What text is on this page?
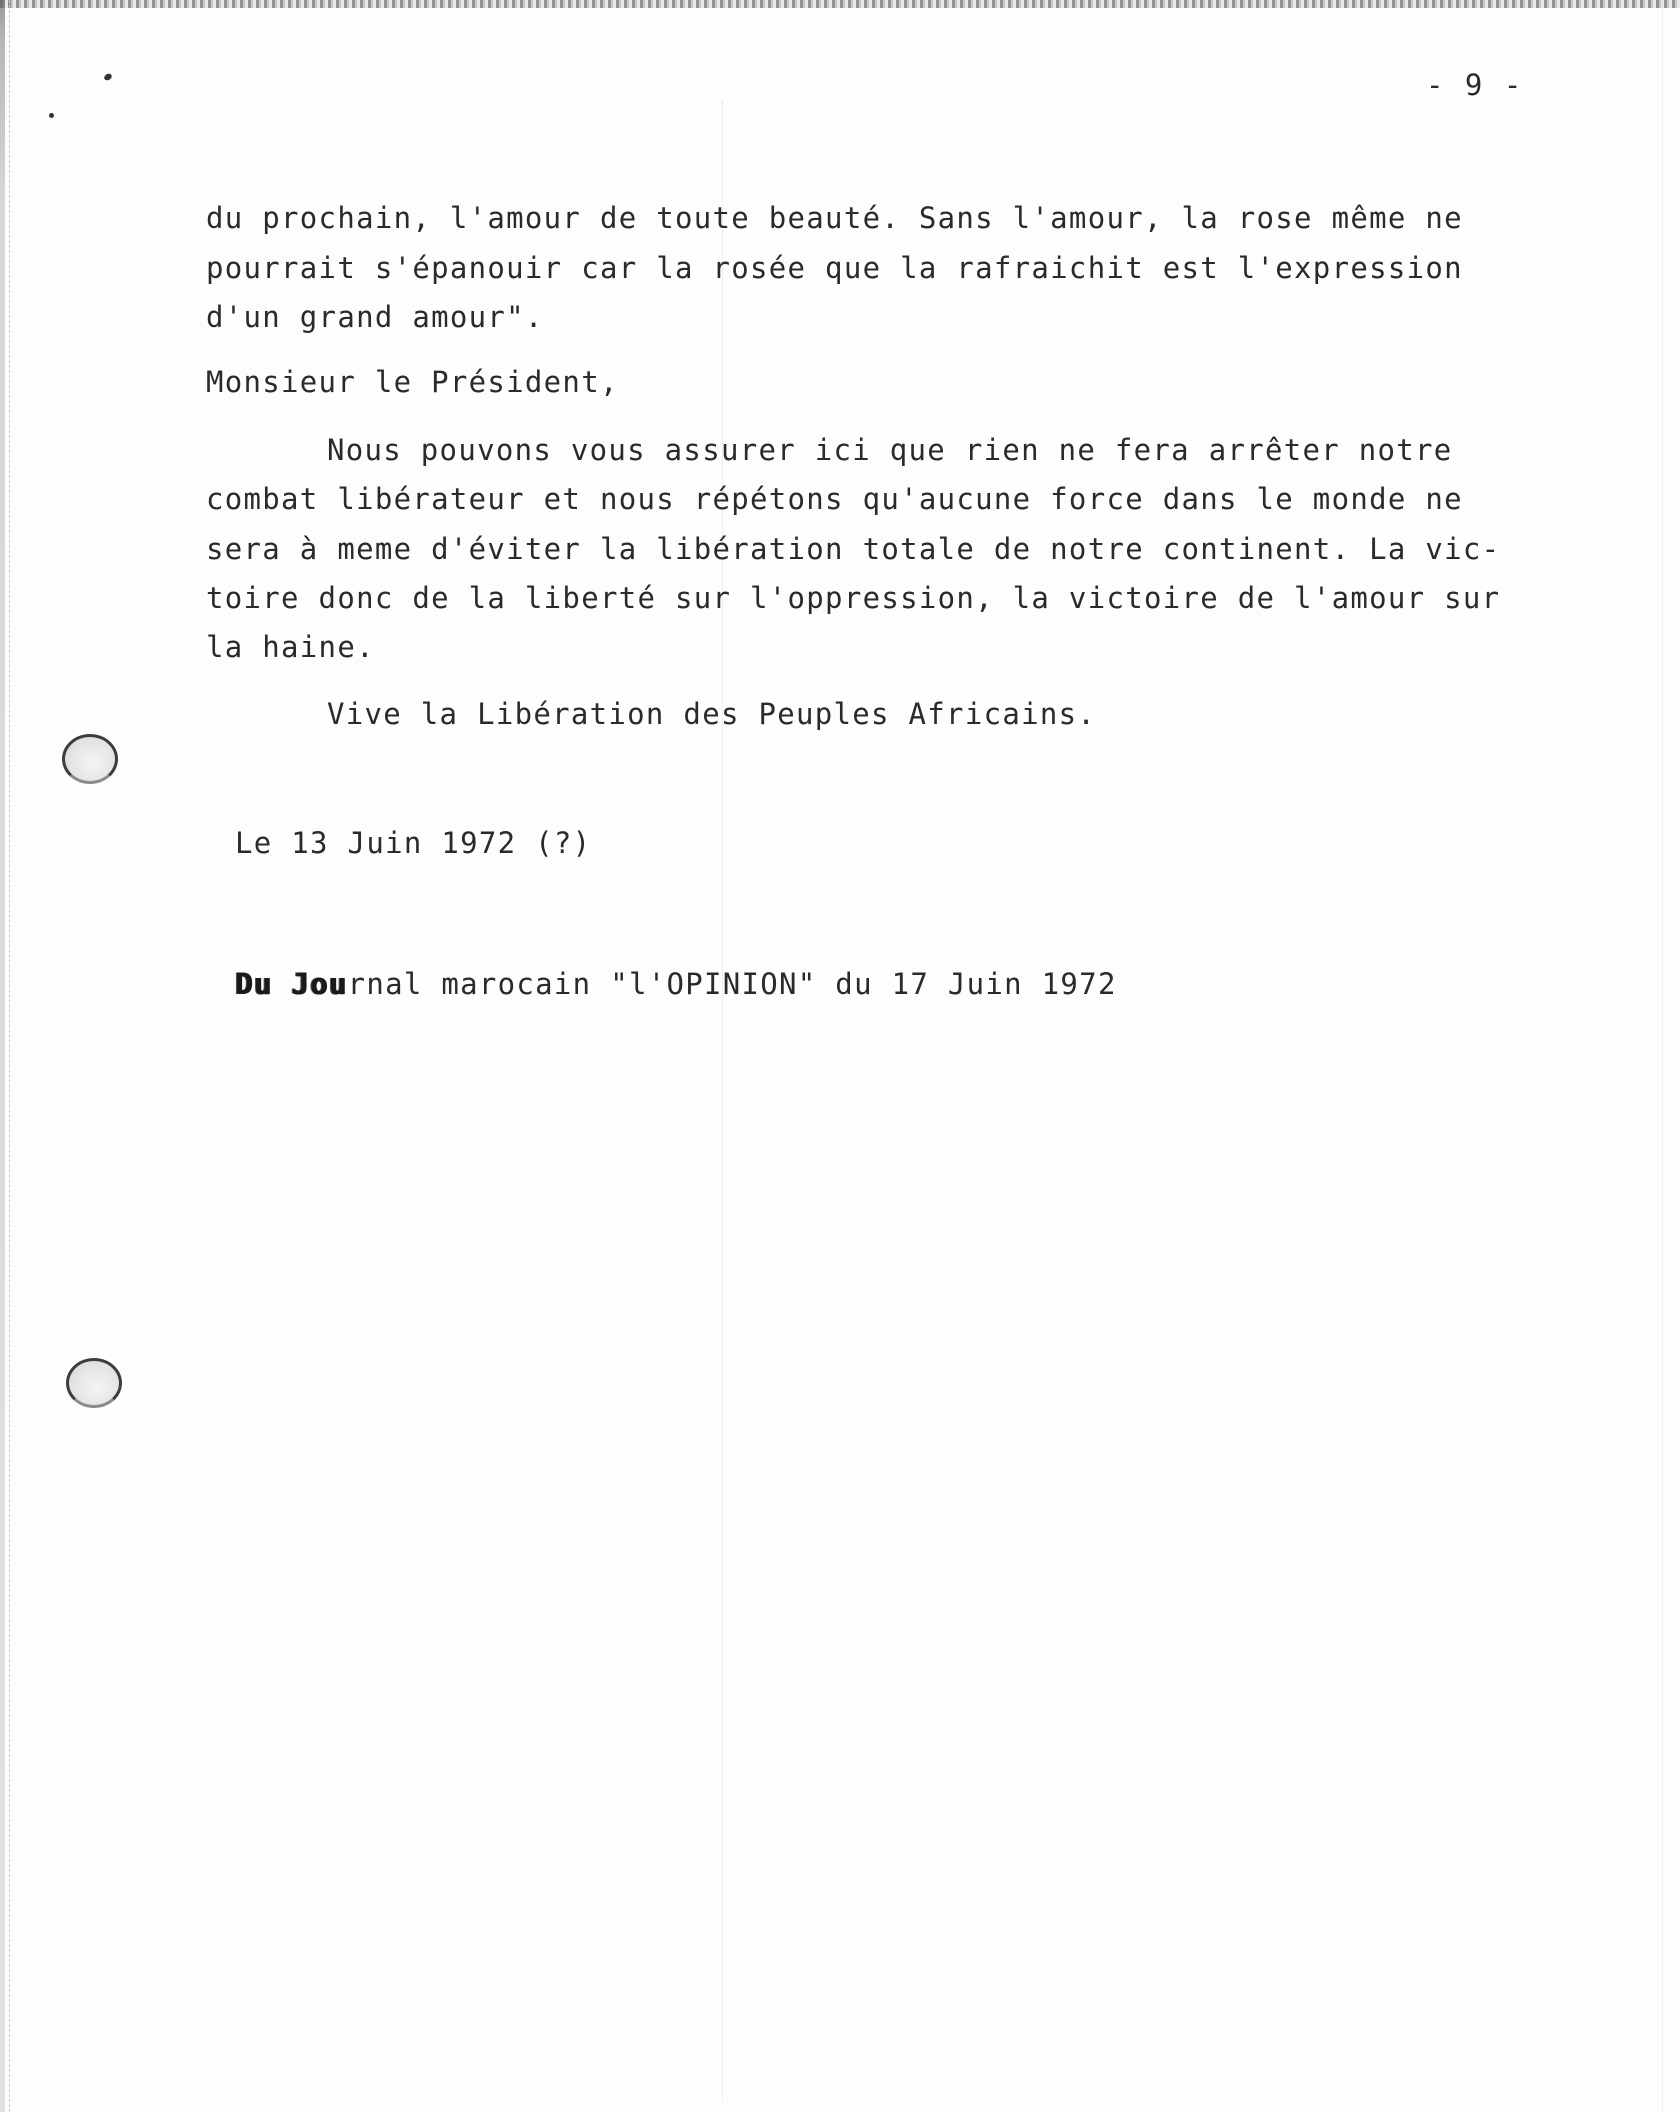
- 9 -
du prochain, l'amour de toute beauté. Sans l'amour, la rose même ne
pourrait s'épanouir car la rosée que la rafraichit est l'expression
d'un grand amour".
Monsieur le Président,
Nous pouvons vous assurer ici que rien ne fera arrêter notre
combat libérateur et nous répétons qu'aucune force dans le monde ne
sera à meme d'éviter la libération totale de notre continent. La vic-
toire donc de la liberté sur l'oppression, la victoire de l'amour sur
la haine.
Vive la Libération des Peuples Africains.
Le 13 Juin 1972 (?)
Du Journal marocain "l'OPINION" du 17 Juin 1972
